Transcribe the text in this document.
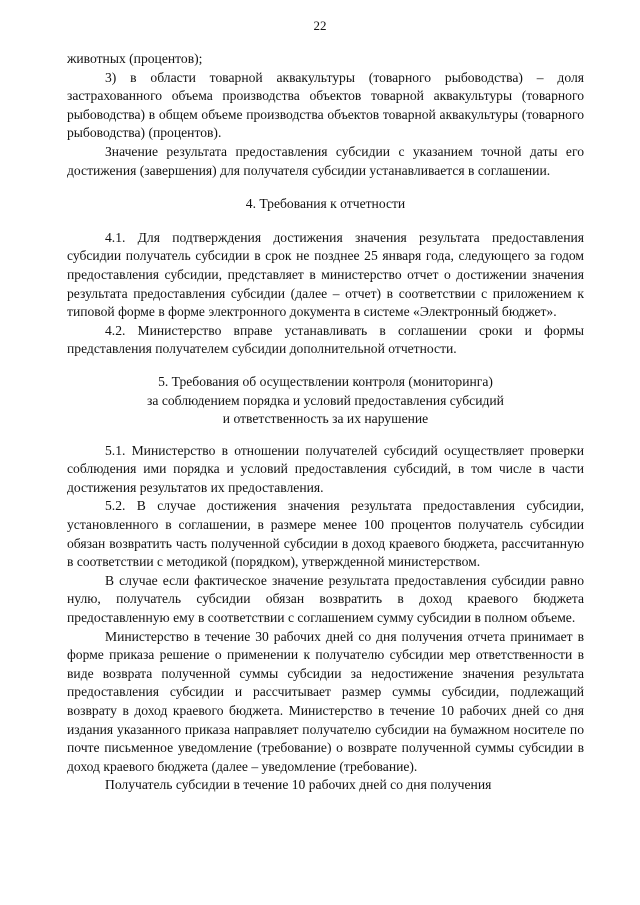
22

животных (процентов);

3) в области товарной аквакультуры (товарного рыбоводства) – доля застрахованного объема производства объектов товарной аквакультуры (товарного рыбоводства) в общем объеме производства объектов товарной аквакультуры (товарного рыбоводства) (процентов).

Значение результата предоставления субсидии с указанием точной даты его достижения (завершения) для получателя субсидии устанавливается в соглашении.

4. Требования к отчетности

4.1. Для подтверждения достижения значения результата предоставления субсидии получатель субсидии в срок не позднее 25 января года, следующего за годом предоставления субсидии, представляет в министерство отчет о достижении значения результата предоставления субсидии (далее – отчет) в соответствии с приложением к типовой форме в форме электронного документа в системе «Электронный бюджет».

4.2. Министерство вправе устанавливать в соглашении сроки и формы представления получателем субсидии дополнительной отчетности.

5. Требования об осуществлении контроля (мониторинга)
за соблюдением порядка и условий предоставления субсидий
и ответственность за их нарушение

5.1. Министерство в отношении получателей субсидий осуществляет проверки соблюдения ими порядка и условий предоставления субсидий, в том числе в части достижения результатов их предоставления.

5.2. В случае достижения значения результата предоставления субсидии, установленного в соглашении, в размере менее 100 процентов получатель субсидии обязан возвратить часть полученной субсидии в доход краевого бюджета, рассчитанную в соответствии с методикой (порядком), утвержденной министерством.

В случае если фактическое значение результата предоставления субсидии равно нулю, получатель субсидии обязан возвратить в доход краевого бюджета предоставленную ему в соответствии с соглашением сумму субсидии в полном объеме.

Министерство в течение 30 рабочих дней со дня получения отчета принимает в форме приказа решение о применении к получателю субсидии мер ответственности в виде возврата полученной суммы субсидии за недостижение значения результата предоставления субсидии и рассчитывает размер суммы субсидии, подлежащий возврату в доход краевого бюджета. Министерство в течение 10 рабочих дней со дня издания указанного приказа направляет получателю субсидии на бумажном носителе по почте письменное уведомление (требование) о возврате полученной суммы субсидии в доход краевого бюджета (далее – уведомление (требование).

Получатель субсидии в течение 10 рабочих дней со дня получения
